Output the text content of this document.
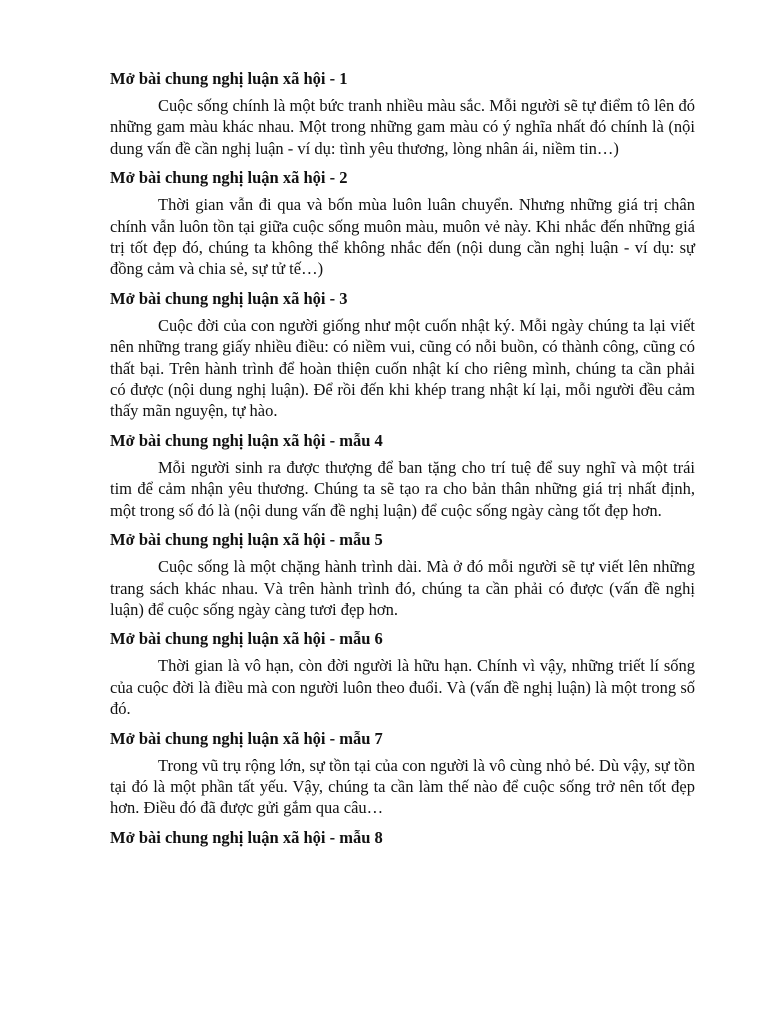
Mở bài chung nghị luận xã hội - 1

Cuộc sống chính là một bức tranh nhiều màu sắc. Mỗi người sẽ tự điểm tô lên đó những gam màu khác nhau. Một trong những gam màu có ý nghĩa nhất đó chính là (nội dung vấn đề cần nghị luận - ví dụ: tình yêu thương, lòng nhân ái, niềm tin…)

Mở bài chung nghị luận xã hội - 2

Thời gian vẫn đi qua và bốn mùa luôn luân chuyển. Nhưng những giá trị chân chính vẫn luôn tồn tại giữa cuộc sống muôn màu, muôn vẻ này. Khi nhắc đến những giá trị tốt đẹp đó, chúng ta không thể không nhắc đến (nội dung cần nghị luận - ví dụ: sự đồng cảm và chia sẻ, sự tử tế…)

Mở bài chung nghị luận xã hội - 3

Cuộc đời của con người giống như một cuốn nhật ký. Mỗi ngày chúng ta lại viết nên những trang giấy nhiều điều: có niềm vui, cũng có nỗi buồn, có thành công, cũng có thất bại. Trên hành trình để hoàn thiện cuốn nhật kí cho riêng mình, chúng ta cần phải có được (nội dung nghị luận). Để rồi đến khi khép trang nhật kí lại, mỗi người đều cảm thấy mãn nguyện, tự hào.

Mở bài chung nghị luận xã hội - mẫu 4

Mỗi người sinh ra được thượng để ban tặng cho trí tuệ để suy nghĩ và một trái tim để cảm nhận yêu thương. Chúng ta sẽ tạo ra cho bản thân những giá trị nhất định, một trong số đó là (nội dung vấn đề nghị luận) để cuộc sống ngày càng tốt đẹp hơn.

Mở bài chung nghị luận xã hội - mẫu 5

Cuộc sống là một chặng hành trình dài. Mà ở đó mỗi người sẽ tự viết lên những trang sách khác nhau. Và trên hành trình đó, chúng ta cần phải có được (vấn đề nghị luận) để cuộc sống ngày càng tươi đẹp hơn.

Mở bài chung nghị luận xã hội - mẫu 6

Thời gian là vô hạn, còn đời người là hữu hạn. Chính vì vậy, những triết lí sống của cuộc đời là điều mà con người luôn theo đuổi. Và (vấn đề nghị luận) là một trong số đó.

Mở bài chung nghị luận xã hội - mẫu 7

Trong vũ trụ rộng lớn, sự tồn tại của con người là vô cùng nhỏ bé. Dù vậy, sự tồn tại đó là một phần tất yếu. Vậy, chúng ta cần làm thế nào để cuộc sống trở nên tốt đẹp hơn. Điều đó đã được gửi gắm qua câu…

Mở bài chung nghị luận xã hội - mẫu 8
